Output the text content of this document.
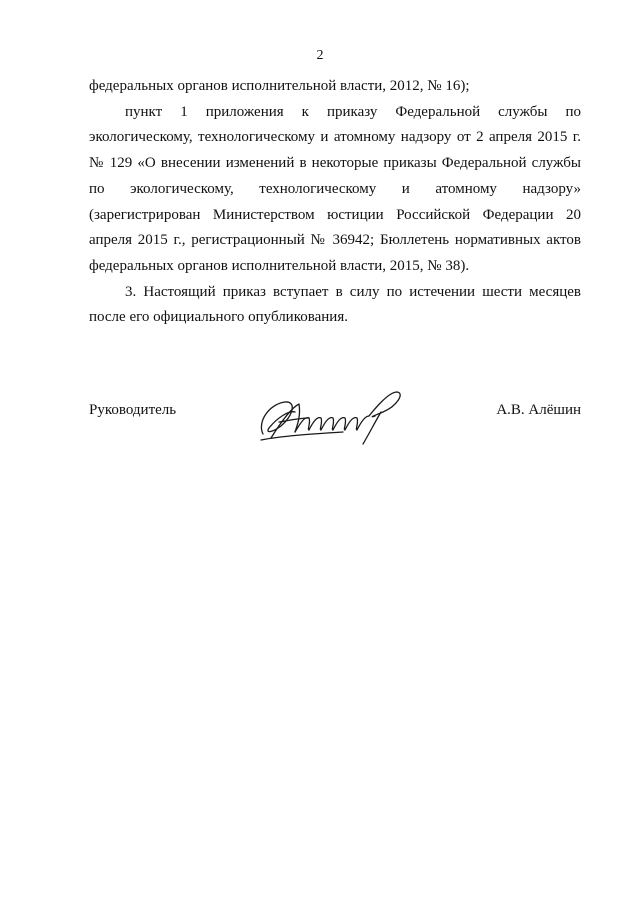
2

федеральных органов исполнительной власти, 2012, № 16);

пункт 1 приложения к приказу Федеральной службы по экологическому, технологическому и атомному надзору от 2 апреля 2015 г. № 129 «О внесении изменений в некоторые приказы Федеральной службы по экологическому, технологическому и атомному надзору» (зарегистрирован Министерством юстиции Российской Федерации 20 апреля 2015 г., регистрационный № 36942; Бюллетень нормативных актов федеральных органов исполнительной власти, 2015, № 38).

3. Настоящий приказ вступает в силу по истечении шести месяцев после его официального опубликования.

Руководитель	А.В. Алёшин
